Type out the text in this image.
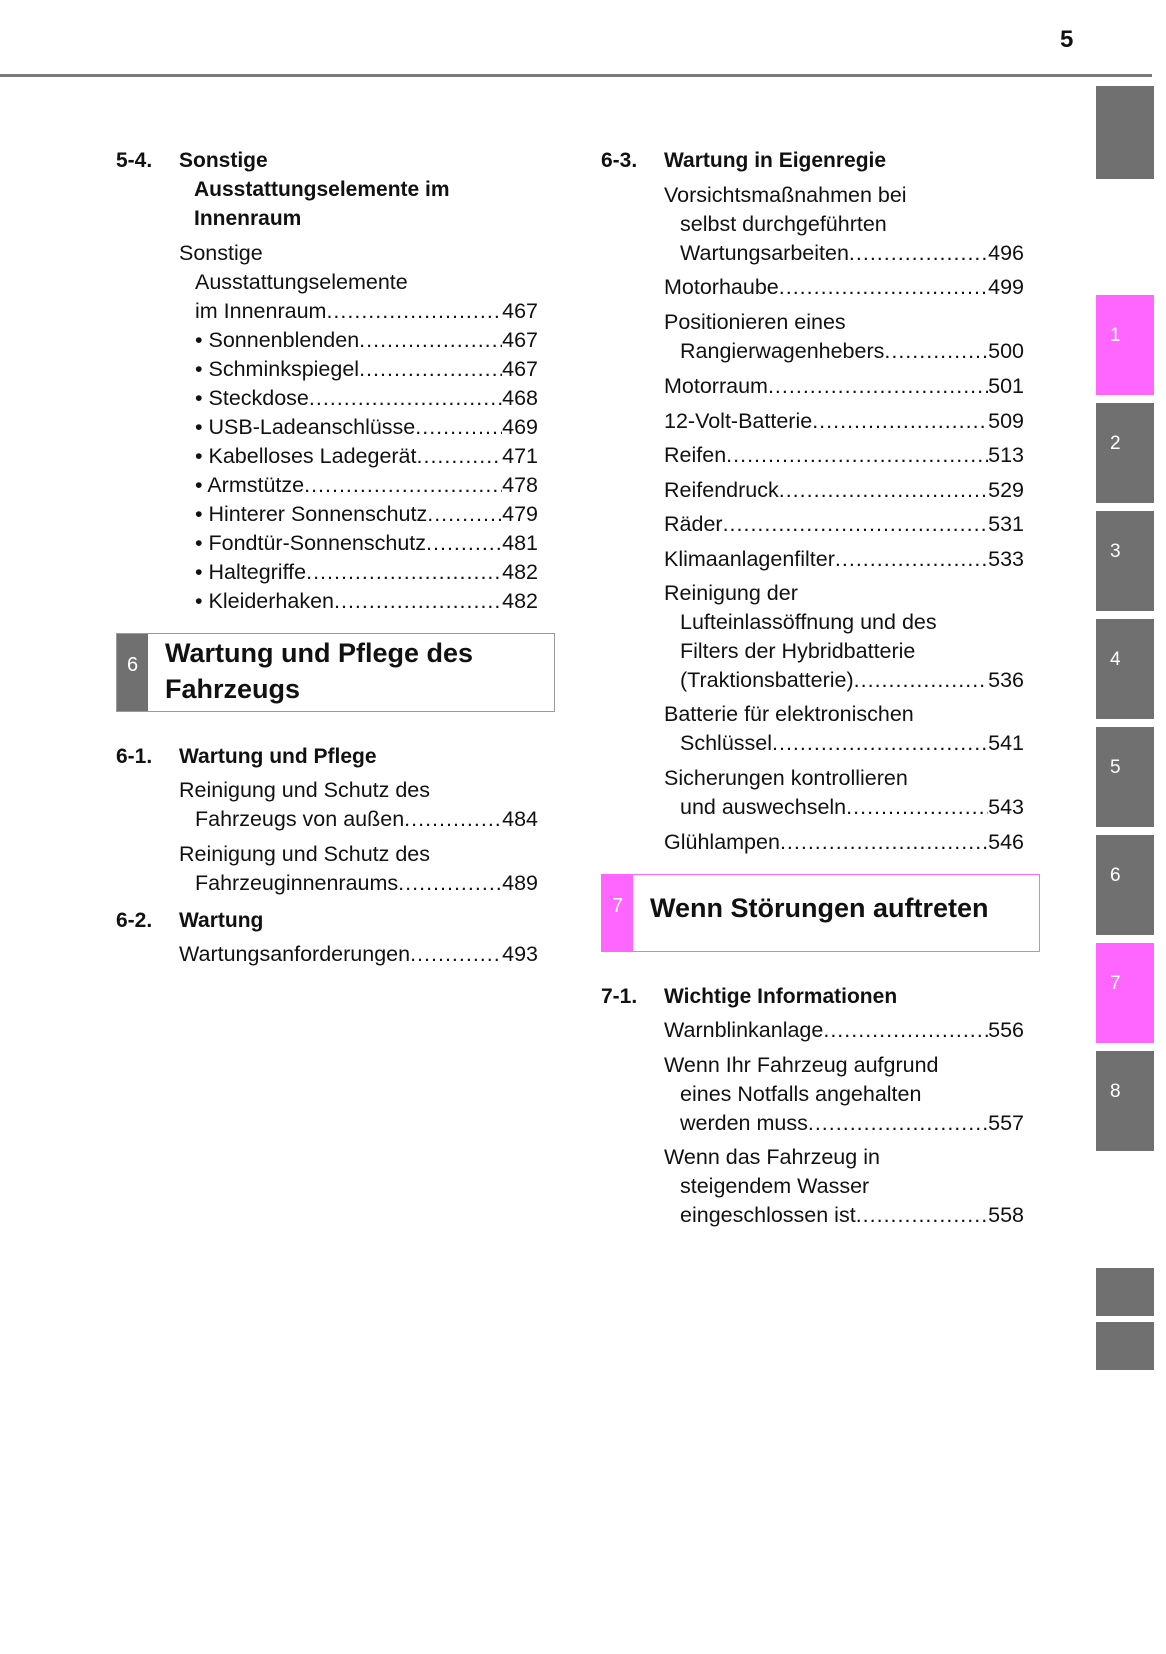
5
5-4. Sonstige
Ausstattungselemente im
Innenraum
Sonstige
Ausstattungselemente
im Innenraum .....	467
• Sonnenblenden .....	467
• Schminkspiegel .....	467
• Steckdose .....	468
• USB-Ladeanschlüsse .....	469
• Kabelloses Ladegerät .....	471
• Armstütze .....	478
• Hinterer Sonnenschutz .....	479
• Fondtür-Sonnenschutz .....	481
• Haltegriffe .....	482
• Kleiderhaken .....	482
6 Wartung und Pflege des
Fahrzeugs
6-1. Wartung und Pflege
Reinigung und Schutz des
Fahrzeugs von außen .....	484
Reinigung und Schutz des
Fahrzeuginnenraums .....	489
6-2. Wartung
Wartungsanforderungen .....	493
6-3. Wartung in Eigenregie
Vorsichtsmaßnahmen bei
selbst durchgeführten
Wartungsarbeiten .....	496
Motorhaube .....	499
Positionieren eines
Rangierwagenhebers .....	500
Motorraum .....	501
12-Volt-Batterie .....	509
Reifen .....	513
Reifendruck .....	529
Räder .....	531
Klimaanlagenfilter .....	533
Reinigung der
Lufteinlassöffnung und des
Filters der Hybridbatterie
(Traktionsbatterie) .....	536
Batterie für elektronischen
Schlüssel .....	541
Sicherungen kontrollieren
und auswechseln .....	543
Glühlampen .....	546
7 Wenn Störungen auftreten
7-1. Wichtige Informationen
Warnblinkanlage .....	556
Wenn Ihr Fahrzeug aufgrund
eines Notfalls angehalten
werden muss .....	557
Wenn das Fahrzeug in
steigendem Wasser
eingeschlossen ist .....	558
1
2
3
4
5
6
7
8
